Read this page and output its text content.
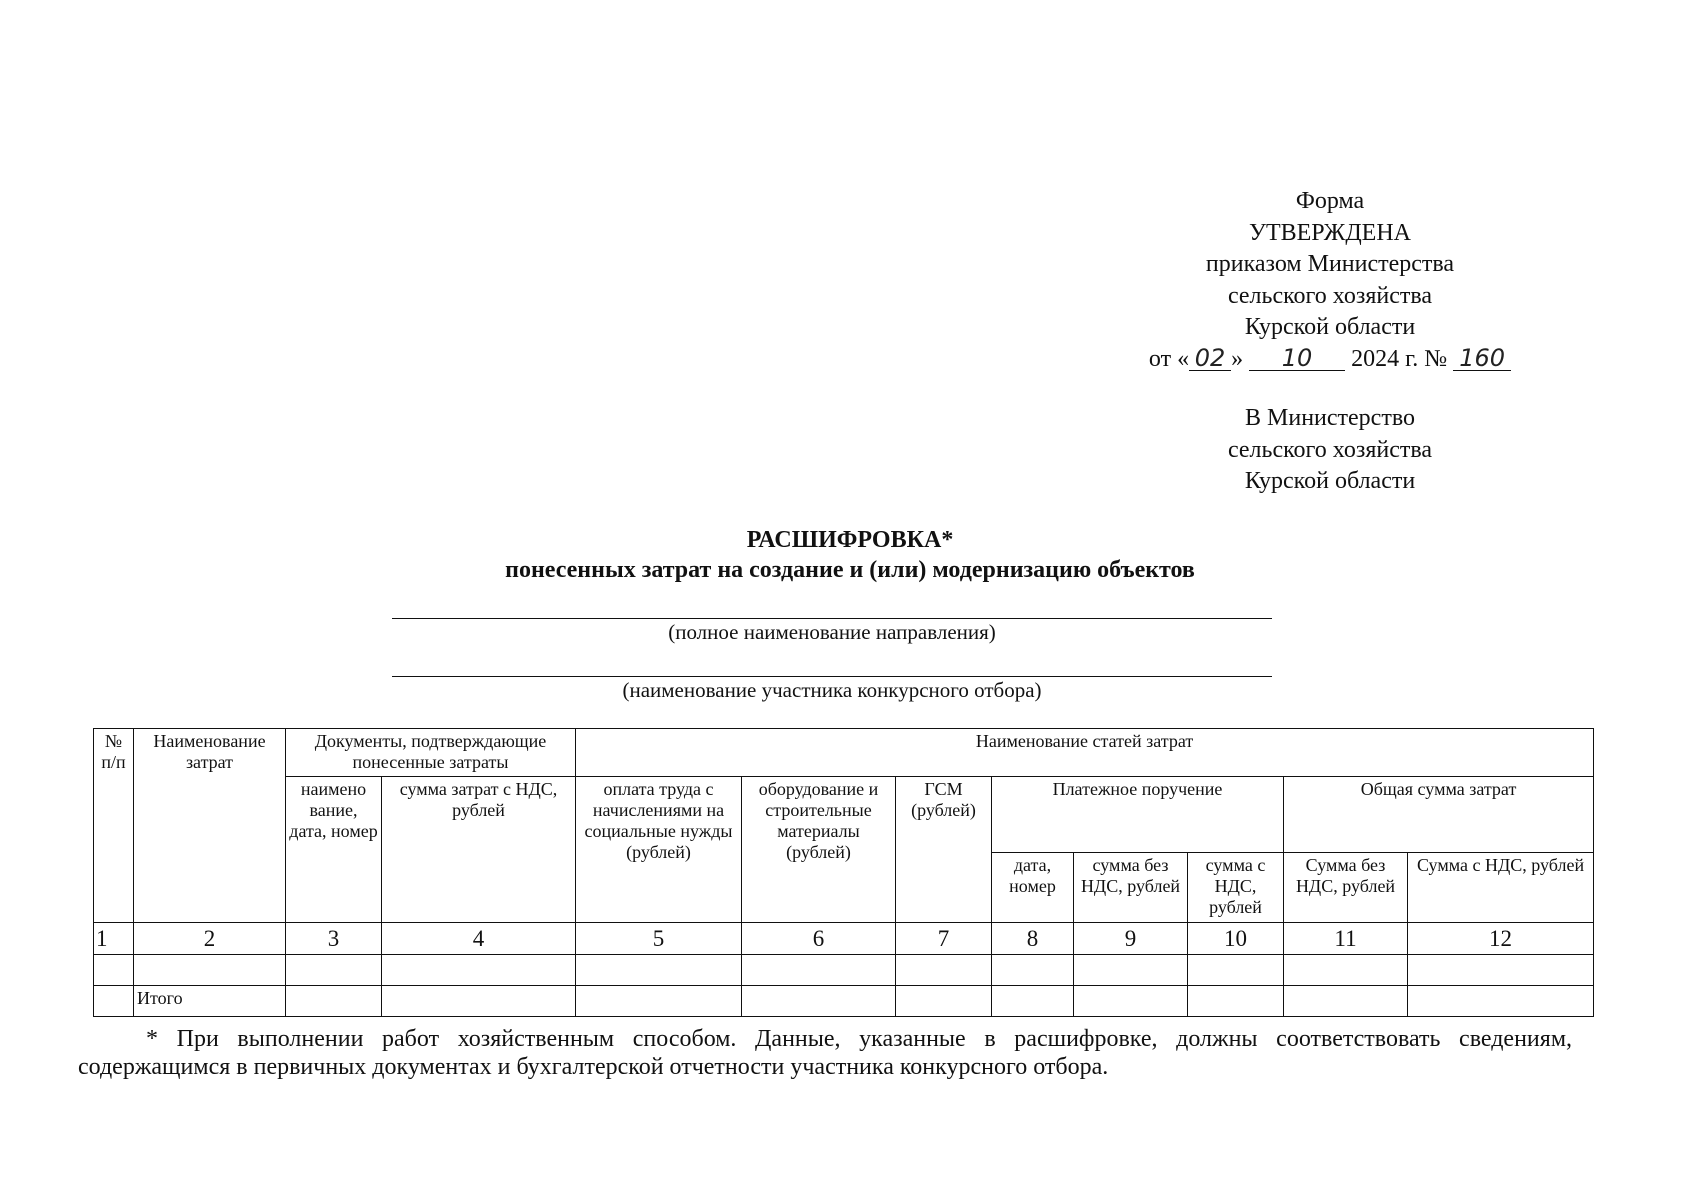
Форма
УТВЕРЖДЕНА
приказом Министерства
сельского хозяйства
Курской области
от « 02 » 10 2024 г. № 160
В Министерство
сельского хозяйства
Курской области
РАСШИФРОВКА*
понесенных затрат на создание и (или) модернизацию объектов
(полное наименование направления)
(наименование участника конкурсного отбора)
№ п/п	Наименование затрат	Документы, подтверждающие понесенные затраты		Наименование статей затрат							
		наимено вание, дата, номер	сумма затрат с НДС, рублей	оплата труда с начислениями на социальные нужды (рублей)	оборудование и строительные материалы (рублей)	ГСМ (рублей)	Платежное поручение			Общая сумма затрат	
							дата, номер	сумма без НДС, рублей	сумма с НДС, рублей	Сумма без НДС, рублей	Сумма с НДС, рублей
1	2	3	4	5	6	7	8	9	10	11	12

	Итого										
* При выполнении работ хозяйственным способом. Данные, указанные в расшифровке, должны соответствовать сведениям, содержащимся в первичных документах и бухгалтерской отчетности участника конкурсного отбора.
